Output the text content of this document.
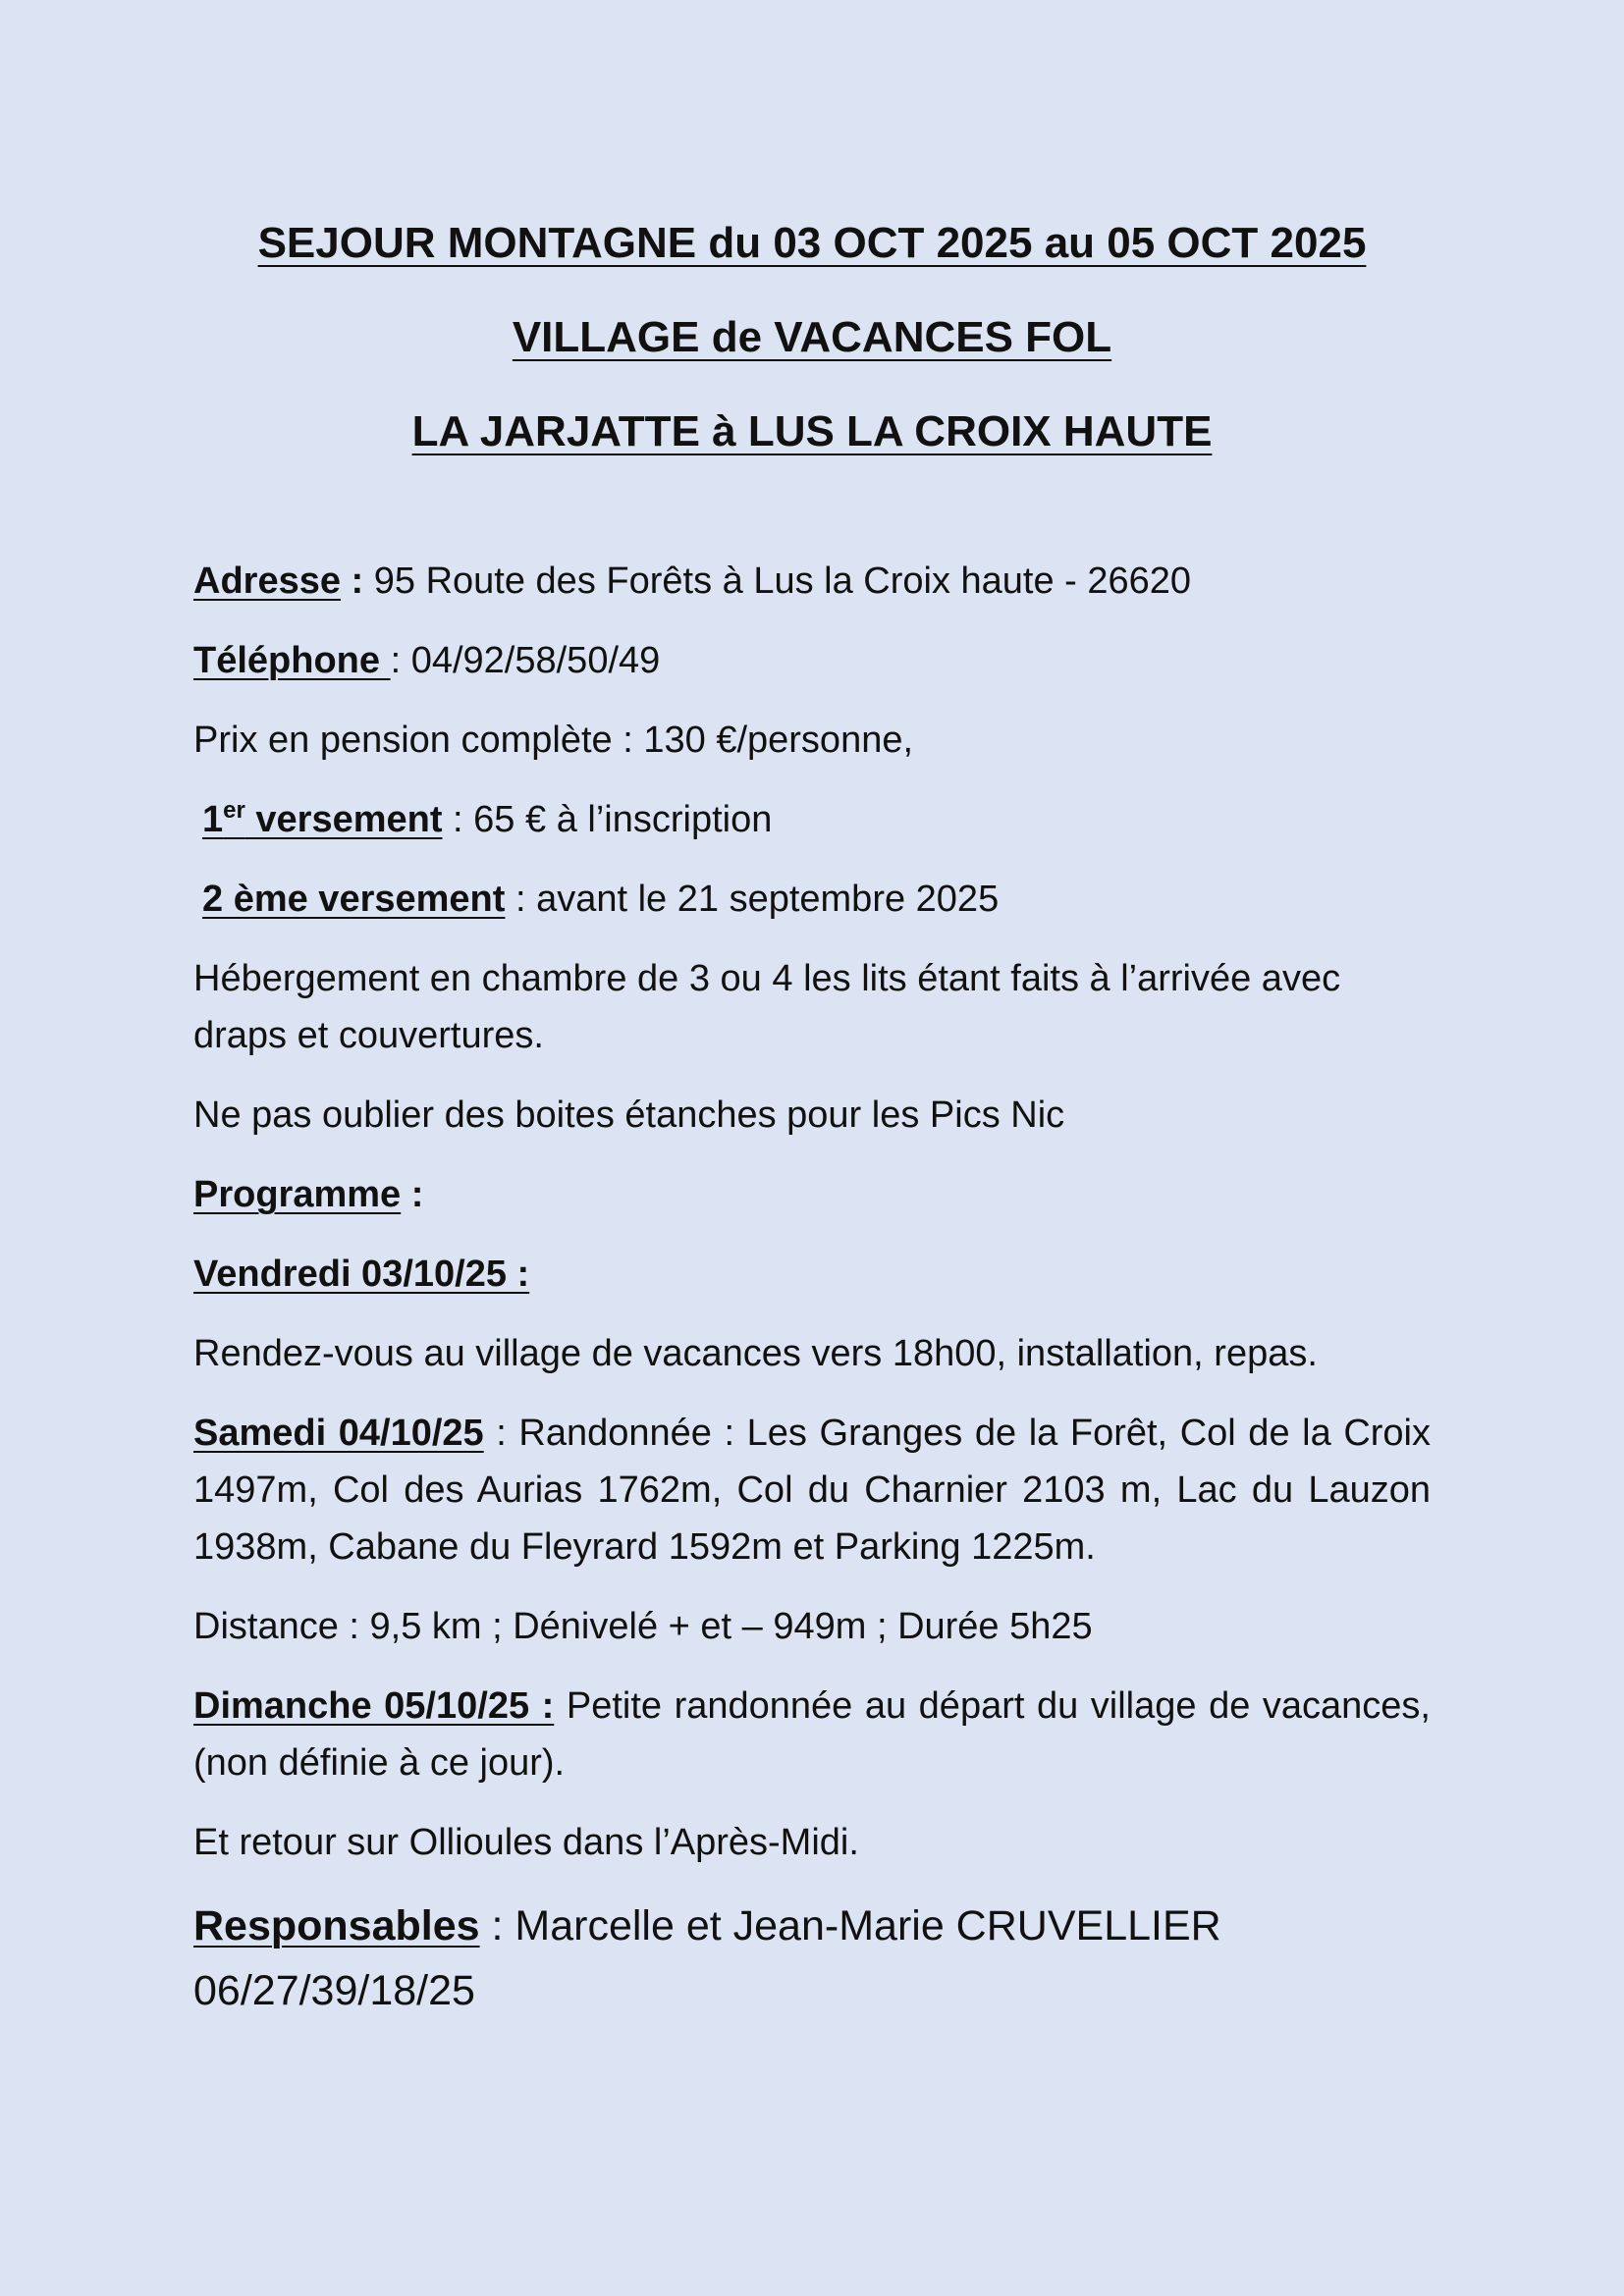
SEJOUR MONTAGNE du 03 OCT 2025 au 05 OCT 2025

VILLAGE de VACANCES FOL

LA JARJATTE à LUS LA CROIX HAUTE

Adresse : 95 Route des Forêts à Lus la Croix haute - 26620

Téléphone : 04/92/58/50/49

Prix en pension complète : 130 €/personne,

1er versement : 65 € à l’inscription

2 ème versement : avant le 21 septembre 2025

Hébergement en chambre de 3 ou 4 les lits étant faits à l’arrivée avec draps et couvertures.

Ne pas oublier des boites étanches pour les Pics Nic

Programme :

Vendredi 03/10/25 :

Rendez-vous au village de vacances vers 18h00, installation, repas.

Samedi 04/10/25 : Randonnée : Les Granges de la Forêt, Col de la Croix 1497m, Col des Aurias 1762m, Col du Charnier 2103 m, Lac du Lauzon 1938m, Cabane du Fleyrard 1592m et Parking 1225m.

Distance : 9,5 km ; Dénivelé + et – 949m ; Durée 5h25

Dimanche 05/10/25 : Petite randonnée au départ du village de vacances, (non définie à ce jour).

Et retour sur Ollioules dans l’Après-Midi.

Responsables : Marcelle et Jean-Marie CRUVELLIER
06/27/39/18/25
